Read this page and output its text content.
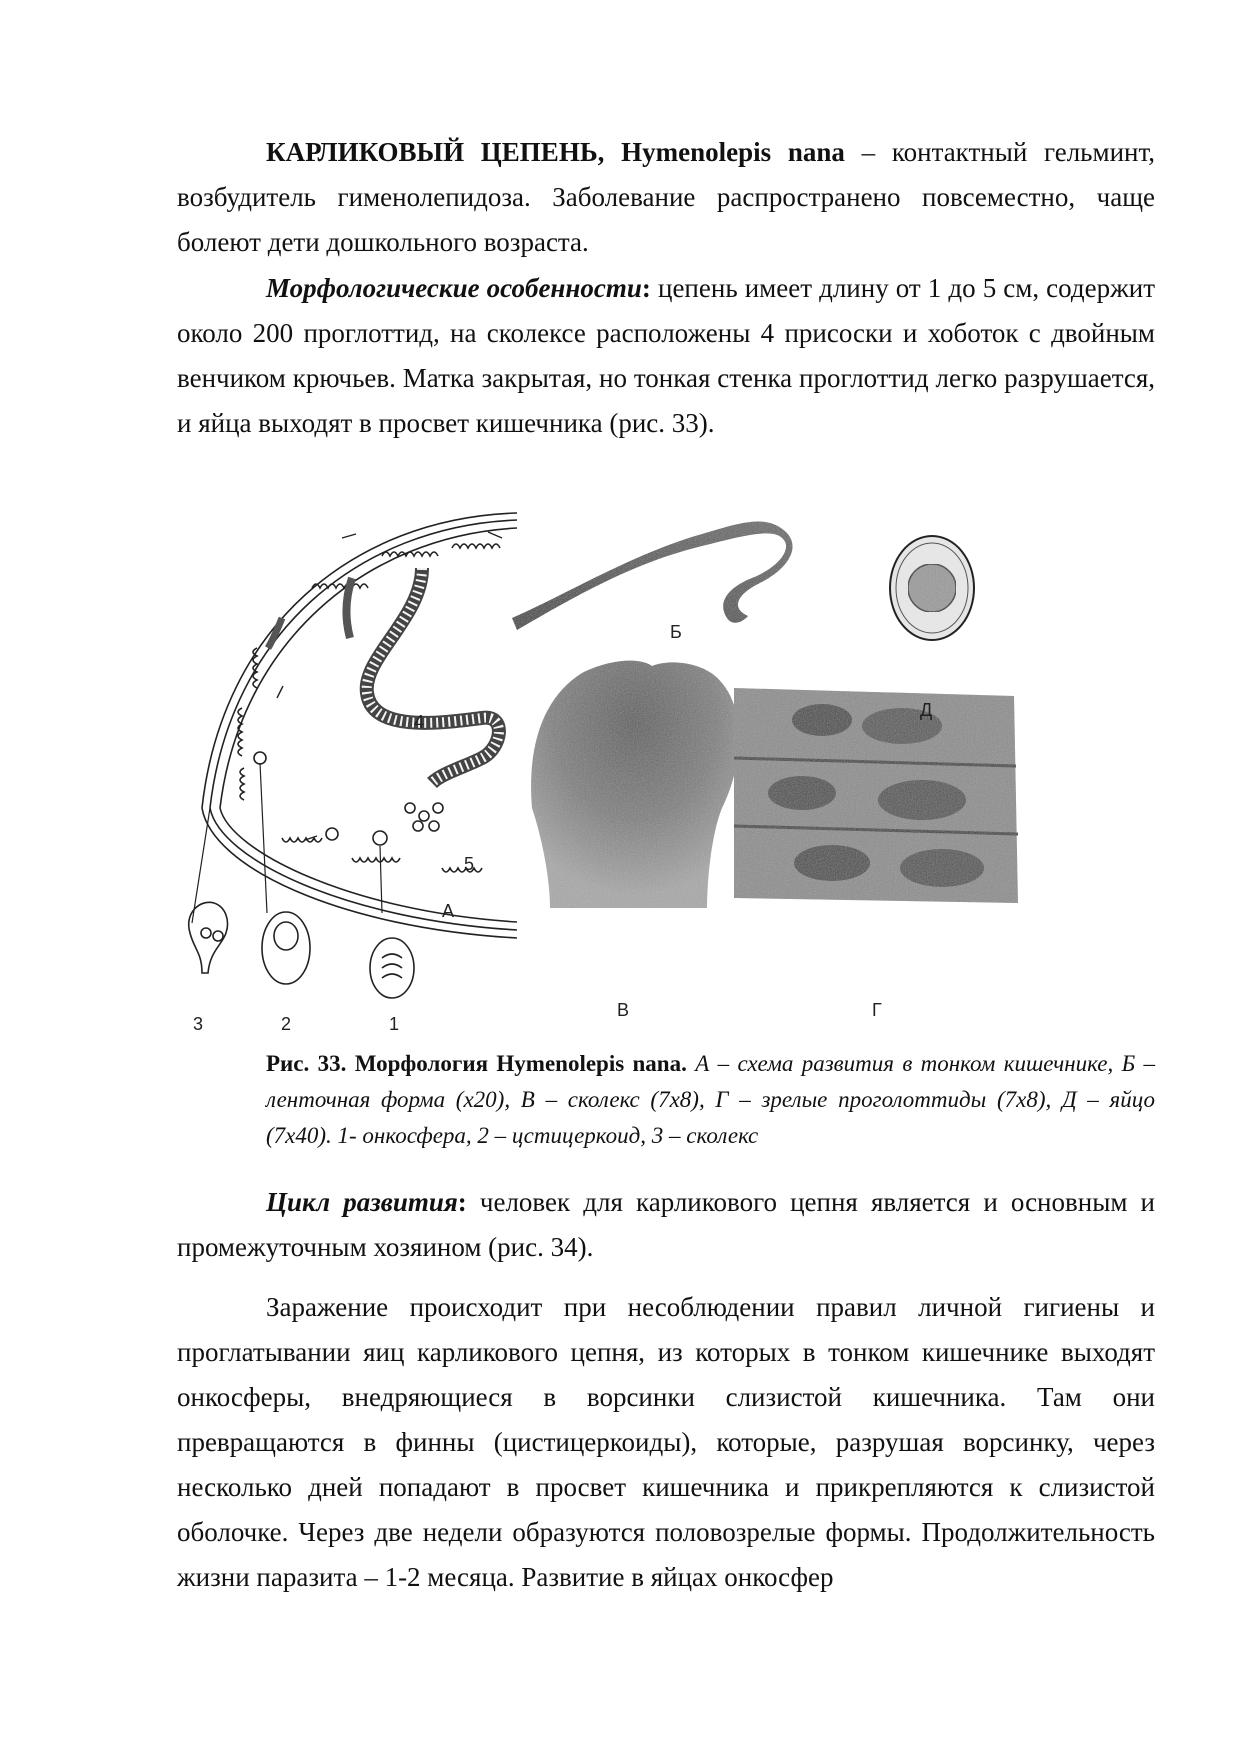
КАРЛИКОВЫЙ ЦЕПЕНЬ, Hymenolepis nana – контактный гельминт, возбудитель гименолепидоза. Заболевание распространено повсеместно, чаще болеют дети дошкольного возраста.

Морфологические особенности: цепень имеет длину от 1 до 5 см, содержит около 200 проглоттид, на сколексе расположены 4 присоски и хоботок с двойным венчиком крючьев. Матка закрытая, но тонкая стенка проглоттид легко разрушается, и яйца выходят в просвет кишечника (рис. 33).

А
Б
В	Г
Д
1
2
3
4
5

Рис. 33. Морфология Hymenolepis nana. А – схема развития в тонком кишечнике, Б – ленточная форма (х20), В – сколекс (7х8), Г – зрелые проголоттиды (7х8), Д – яйцо (7х40). 1- онкосфера, 2 – цстицеркоид, 3 – сколекс

Цикл развития: человек для карликового цепня является и основным и промежуточным хозяином (рис. 34).

Заражение происходит при несоблюдении правил личной гигиены и проглатывании яиц карликового цепня, из которых в тонком кишечнике выходят онкосферы, внедряющиеся в ворсинки слизистой кишечника. Там они превращаются в финны (цистицеркоиды), которые, разрушая ворсинку, через несколько дней попадают в просвет кишечника и прикрепляются к слизистой оболочке. Через две недели образуются половозрелые формы. Продолжительность жизни паразита – 1-2 месяца. Развитие в яйцах онкосфер
